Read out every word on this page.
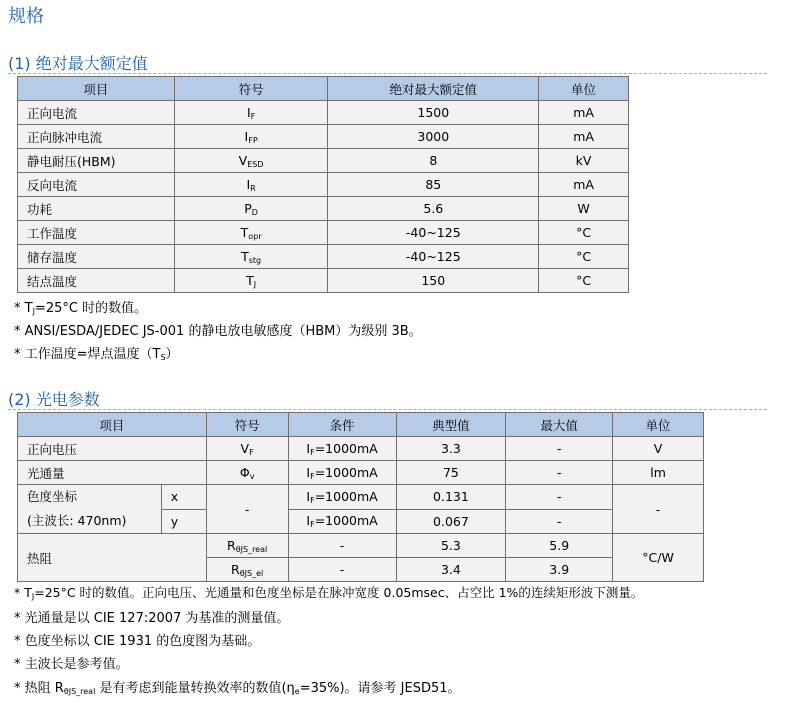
规格
(1) 绝对最大额定值
项目	符号	绝对最大额定值	单位
正向电流	$I_F$	1500	mA
正向脉冲电流	$I_{FP}$	3000	mA
静电耐压(HBM)	$V_{ESD}$	8	kV
反向电流	$I_R$	85	mA
功耗	$P_D$	5.6	W
工作温度	$T_{opr}$	-40~125	°C
储存温度	$T_{stg}$	-40~125	°C
结点温度	$T_J$	150	°C
* $T_J=25^\circ C$ 时的数值。
* ANSI/ESDA/JEDEC JS-001 的静电放电敏感度（HBM）为级别 3B。
* 工作温度=焊点温度$(T_S)$
(2) 光电参数
项目		符号	条件	典型值	最大值	单位
正向电压		$V_F$	$I_F=1000mA$	3.3	-	V
光通量		$\Phi_v$	$I_F=1000mA$	75	-	lm

色度坐标
(主波长: 470nm)	x	-	$I_F=1000mA$	0.131	-	-
	y		$I_F=1000mA$	0.067	-	
热阻		$R_{\theta JS\_real}$	-	5.3	5.9	°C/W
		$R_{\theta JS\_el}$	-	3.4	3.9	
* $T_J=25^\circ C$ 时的数值。正向电压、光通量和色度坐标是在脉冲宽度 0.05msec、占空比 1%的连续矩形波下测量。
* 光通量是以 CIE 127:2007 为基准的测量值。
* 色度坐标以 CIE 1931 的色度图为基础。
* 主波长是参考值。
* 热阻 $R_{\theta JS\_real}$ 是有考虑到能量转换效率的数值$(\eta_e=35\%)$。请参考 JESD51。
